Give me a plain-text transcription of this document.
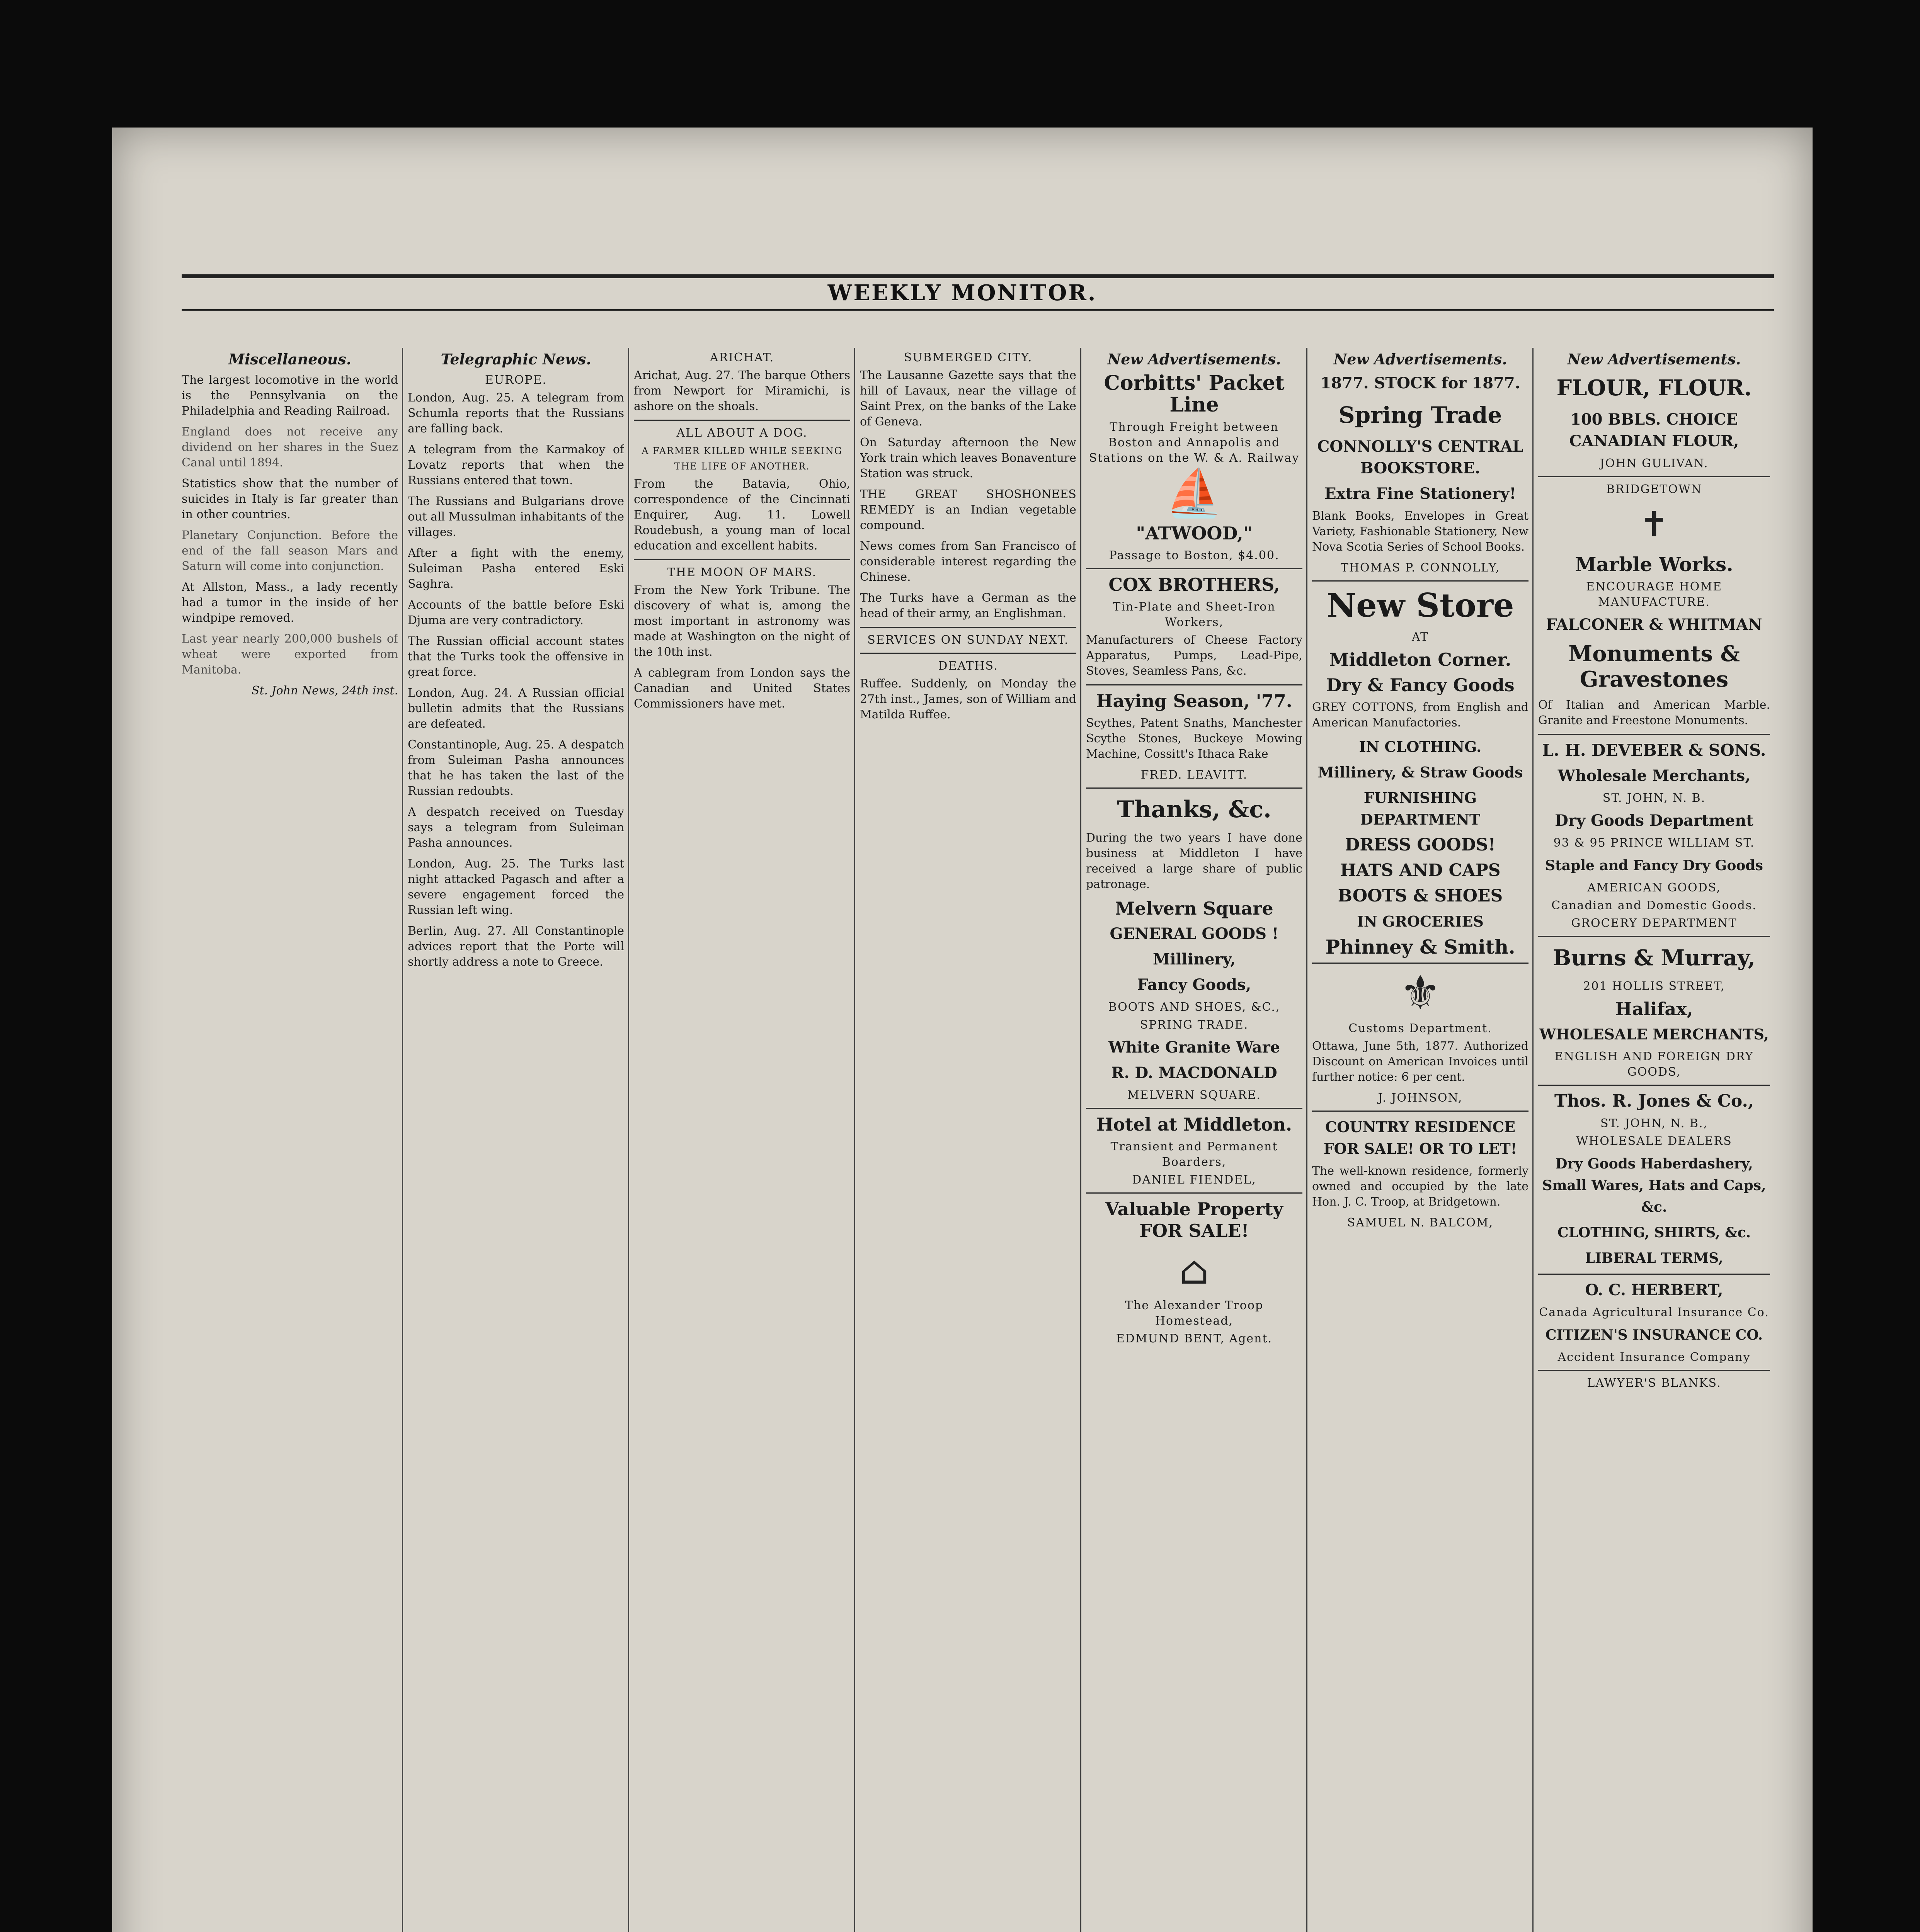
WEEKLY MONITOR.
Miscellaneous.

The largest locomotive in the world is the Pennsylvania on the Philadelphia and Reading Railroad.

England does not receive any dividend on her shares in the Suez Canal until 1894.

Statistics show that the number of suicides in Italy is far greater than in other countries.

Planetary Conjunction. Before the end of the fall season Mars and Saturn will come into conjunction.

At Allston, Mass., a lady recently had a tumor in the inside of her windpipe removed.

Last year nearly 200,000 bushels of wheat were exported from Manitoba.

St. John News, 24th inst.

Telegraphic News.
EUROPE.

London, Aug. 25. A telegram from Schumla reports that the Russians are falling back.

A telegram from the Karmakoy of Lovatz reports that when the Russians entered that town.

The Russians and Bulgarians drove out all Mussulman inhabitants of the villages.

After a fight with the enemy, Suleiman Pasha entered Eski Saghra.

Accounts of the battle before Eski Djuma are very contradictory.

The Russian official account states that the Turks took the offensive in great force.

London, Aug. 24. A Russian official bulletin admits that the Russians are defeated.

Constantinople, Aug. 25. A despatch from Suleiman Pasha announces that he has taken the last of the Russian redoubts.

A despatch received on Tuesday says a telegram from Suleiman Pasha announces.

London, Aug. 25. The Turks last night attacked Pagasch and after a severe engagement forced the Russian left wing.

Berlin, Aug. 27. All Constantinople advices report that the Porte will shortly address a note to Greece.

ARICHAT.

Arichat, Aug. 27. The barque Others from Newport for Miramichi, is ashore on the shoals.

ALL ABOUT A DOG.
A FARMER KILLED WHILE SEEKING THE LIFE OF ANOTHER.

From the Batavia, Ohio, correspondence of the Cincinnati Enquirer, Aug. 11. Lowell Roudebush, a young man of local education and excellent habits.

THE MOON OF MARS.

From the New York Tribune. The discovery of what is, among the most important in astronomy was made at Washington on the night of the 10th inst.

A cablegram from London says the Canadian and United States Commissioners have met.

SUBMERGED CITY.

The Lausanne Gazette says that the hill of Lavaux, near the village of Saint Prex, on the banks of the Lake of Geneva.

On Saturday afternoon the New York train which leaves Bonaventure Station was struck.

THE GREAT SHOSHONEES REMEDY is an Indian vegetable compound.

News comes from San Francisco of considerable interest regarding the Chinese.

The Turks have a German as the head of their army, an Englishman.

SERVICES ON SUNDAY NEXT.
DEATHS.

Ruffee. Suddenly, on Monday the 27th inst., James, son of William and Matilda Ruffee.

New Advertisements.
Corbitts' Packet Line
Through Freight between Boston and Annapolis and Stations on the W. & A. Railway
⛵
"ATWOOD,"
Passage to Boston, $4.00.
COX BROTHERS,
Tin-Plate and Sheet-Iron Workers,

Manufacturers of Cheese Factory Apparatus, Pumps, Lead-Pipe, Stoves, Seamless Pans, &c.

Haying Season, '77.

Scythes, Patent Snaths, Manchester Scythe Stones, Buckeye Mowing Machine, Cossitt's Ithaca Rake

FRED. LEAVITT.
Thanks, &c.

During the two years I have done business at Middleton I have received a large share of public patronage.

Melvern Square
GENERAL GOODS !
Millinery,
Fancy Goods,
BOOTS AND SHOES, &C.,
SPRING TRADE.
White Granite Ware
R. D. MACDONALD
MELVERN SQUARE.
Hotel at Middleton.
Transient and Permanent Boarders,
DANIEL FIENDEL,
Valuable Property FOR SALE!
⌂
The Alexander Troop Homestead,
EDMUND BENT, Agent.
New Advertisements.
1877. STOCK for 1877.
Spring Trade
CONNOLLY'S CENTRAL BOOKSTORE.
Extra Fine Stationery!

Blank Books, Envelopes in Great Variety, Fashionable Stationery, New Nova Scotia Series of School Books.

THOMAS P. CONNOLLY,
New Store
AT
Middleton Corner.
Dry & Fancy Goods

GREY COTTONS, from English and American Manufactories.

IN CLOTHING.
Millinery, & Straw Goods
FURNISHING DEPARTMENT
DRESS GOODS!
HATS AND CAPS
BOOTS & SHOES
IN GROCERIES
Phinney & Smith.
⚜
Customs Department.

Ottawa, June 5th, 1877. Authorized Discount on American Invoices until further notice: 6 per cent.

J. JOHNSON,
COUNTRY RESIDENCE FOR SALE! OR TO LET!

The well-known residence, formerly owned and occupied by the late Hon. J. C. Troop, at Bridgetown.

SAMUEL N. BALCOM,
New Advertisements.
FLOUR, FLOUR.
100 BBLS. CHOICE CANADIAN FLOUR,
JOHN GULIVAN.
BRIDGETOWN
✝
Marble Works.
ENCOURAGE HOME MANUFACTURE.
FALCONER & WHITMAN
Monuments & Gravestones

Of Italian and American Marble. Granite and Freestone Monuments.

L. H. DEVEBER & SONS.
Wholesale Merchants,
ST. JOHN, N. B.
Dry Goods Department
93 & 95 PRINCE WILLIAM ST.
Staple and Fancy Dry Goods
AMERICAN GOODS,
Canadian and Domestic Goods.
GROCERY DEPARTMENT
Burns & Murray,
201 HOLLIS STREET,
Halifax,
WHOLESALE MERCHANTS,
ENGLISH AND FOREIGN DRY GOODS,
Thos. R. Jones & Co.,
ST. JOHN, N. B.,
WHOLESALE DEALERS
Dry Goods Haberdashery, Small Wares, Hats and Caps, &c.
CLOTHING, SHIRTS, &c.
LIBERAL TERMS,
O. C. HERBERT,
Canada Agricultural Insurance Co.
CITIZEN'S INSURANCE CO.
Accident Insurance Company
LAWYER'S BLANKS.
